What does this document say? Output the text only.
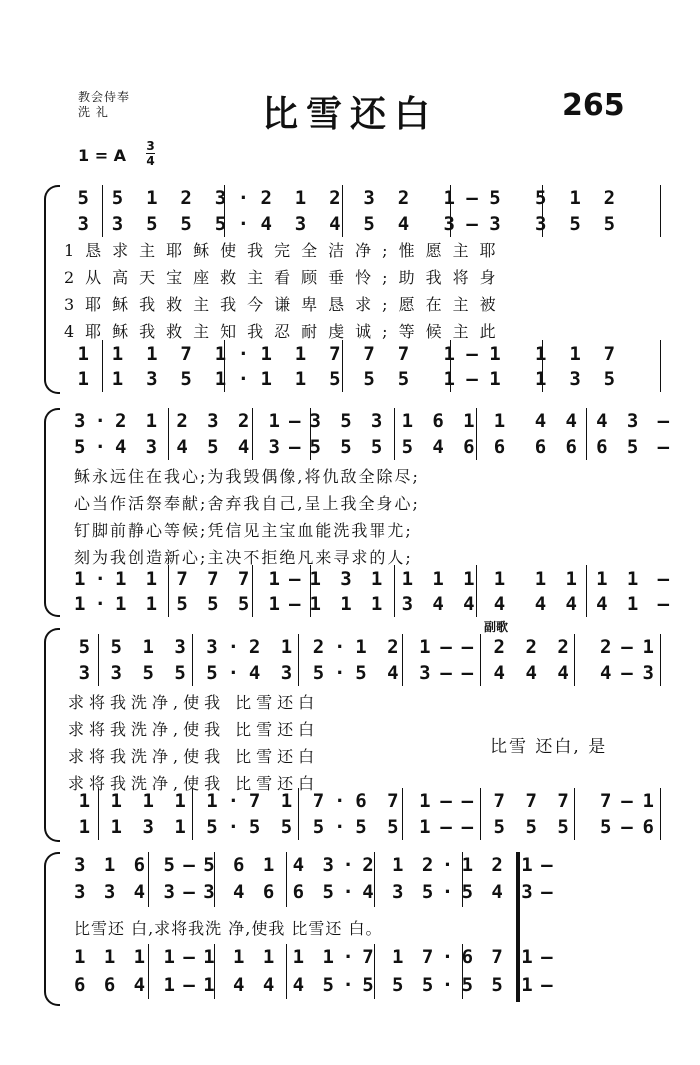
教会侍奉
洗 礼	比雪还白	265
1 = A 3
4
5  5  1  2  3 · 2  1  2  3  2   1 – 5   5  1  2
3  3  5  5  5 · 4  3  4  5  4   3 – 3   3  5  5
1恳求主耶稣使我完全洁净;惟愿主耶
2从高天宝座救主看顾垂怜;助我将身
3耶稣我救主我今谦卑恳求;愿在主被
4耶稣我救主知我忍耐虔诚;等候主此
1  1  1  7  1 · 1  1  7  7  7   1 – 1   1  1  7
1  1  3  5  1 · 1  1  5  5  5   1 – 1   1  3  5
3 · 2  1  2  3  2  1 – 3  5  3  1  6  1  1   4  4  4  3  –
5 · 4  3  4  5  4  3 – 5  5  5  5  4  6  6   6  6  6  5  –
稣永远住在我心;为我毁偶像,将仇敌全除尽;
心当作活祭奉献;舍弃我自己,呈上我全身心;
钉脚前静心等候;凭信见主宝血能洗我罪尤;
刻为我创造新心;主决不拒绝凡来寻求的人;
1 · 1  1  7  7  7  1 – 1  3  1  1  1  1  1   1  1  1  1  –
1 · 1  1  5  5  5  1 – 1  1  1  3  4  4  4   4  4  4  1  –
副歌
5  5  1  3  3 · 2  1  2 · 1  2  1 – –  2  2  2   2 – 1
3  3  5  5  5 · 4  3  5 · 5  4  3 – –  4  4  4   4 – 3
求将我洗净,使我 比雪还白
求将我洗净,使我 比雪还白
求将我洗净,使我 比雪还白
求将我洗净,使我 比雪还白
比雪 还白, 是
1  1  1  1  1 · 7  1  7 · 6  7  1 – –  7  7  7   7 – 1
1  1  3  1  5 · 5  5  5 · 5  5  1 – –  5  5  5   5 – 6
3  1  6  5 – 5  6  1  4  3 · 2  1  2 · 1  2  1 –
3  3  4  3 – 3  4  6  6  5 · 4  3  5 · 5  4  3 –
比雪还 白,求将我洗 净,使我 比雪还 白。
1  1  1  1 – 1  1  1  1  1 · 7  1  7 · 6  7  1 –
6  6  4  1 – 1  4  4  4  5 · 5  5  5 · 5  5  1 –
